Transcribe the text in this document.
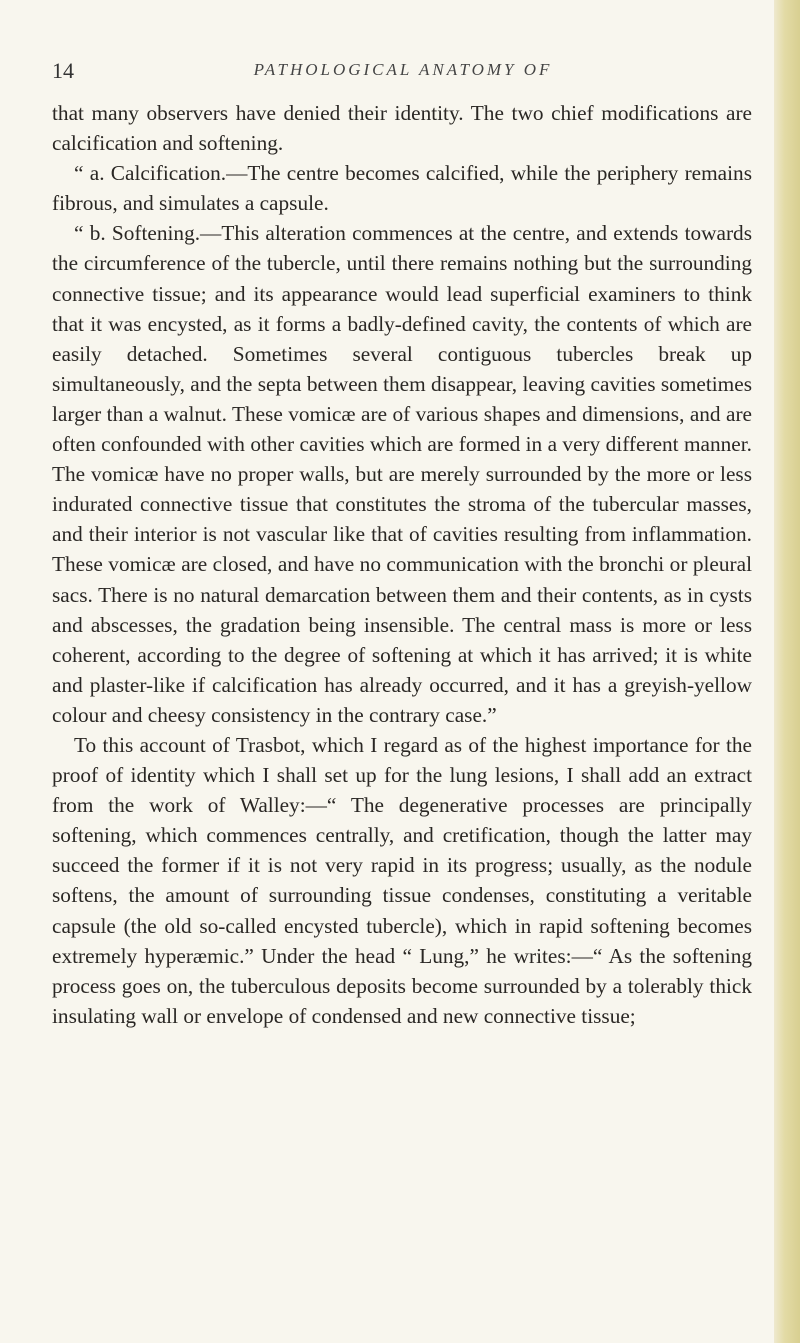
14	PATHOLOGICAL ANATOMY OF

that many observers have denied their identity. The two chief modifications are calcification and softening.

“ a. Calcification.—The centre becomes calcified, while the periphery remains fibrous, and simulates a capsule.

“ b. Softening.—This alteration commences at the centre, and extends towards the circumference of the tubercle, until there remains nothing but the surrounding connective tissue; and its appearance would lead superficial examiners to think that it was encysted, as it forms a badly-defined cavity, the contents of which are easily detached. Sometimes several contiguous tubercles break up simultaneously, and the septa between them disappear, leaving cavities sometimes larger than a walnut. These vomicæ are of various shapes and dimensions, and are often confounded with other cavities which are formed in a very different manner. The vomicæ have no proper walls, but are merely surrounded by the more or less indurated connective tissue that constitutes the stroma of the tubercular masses, and their interior is not vascular like that of cavities resulting from inflammation. These vomicæ are closed, and have no communication with the bronchi or pleural sacs. There is no natural demarcation between them and their contents, as in cysts and abscesses, the gradation being insensible. The central mass is more or less coherent, according to the degree of softening at which it has arrived; it is white and plaster-like if calcification has already occurred, and it has a greyish-yellow colour and cheesy consistency in the contrary case.”

To this account of Trasbot, which I regard as of the highest importance for the proof of identity which I shall set up for the lung lesions, I shall add an extract from the work of Walley:—“ The degenerative processes are principally softening, which commences centrally, and cretification, though the latter may succeed the former if it is not very rapid in its progress; usually, as the nodule softens, the amount of surrounding tissue condenses, constituting a veritable capsule (the old so-called encysted tubercle), which in rapid softening becomes extremely hyperæmic.” Under the head “ Lung,” he writes:—“ As the softening process goes on, the tuberculous deposits become surrounded by a tolerably thick insulating wall or envelope of condensed and new connective tissue;
